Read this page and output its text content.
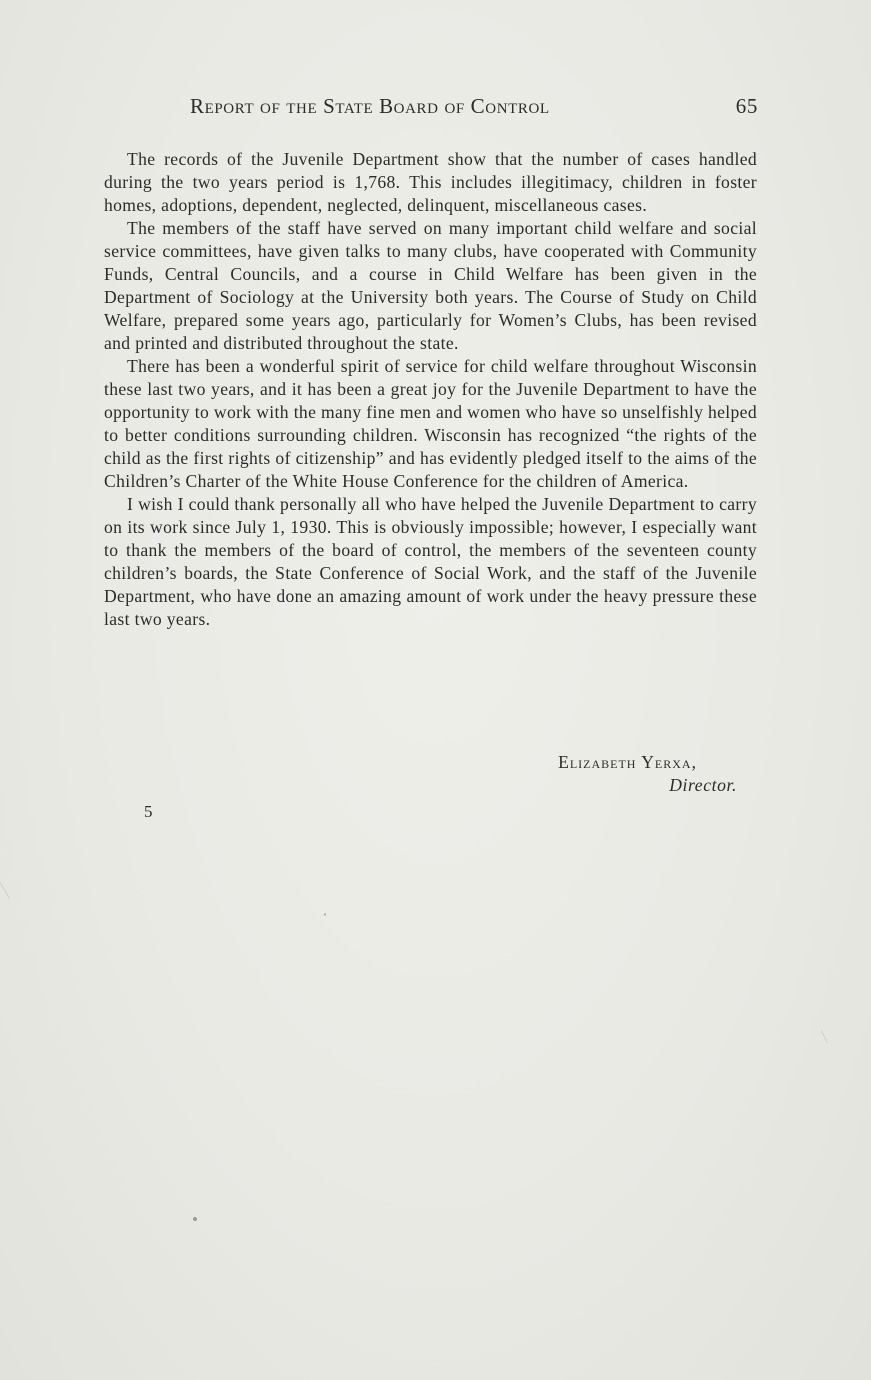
Report of the State Board of Control	65

The records of the Juvenile Department show that the number of cases handled during the two years period is 1,768. This includes illegitimacy, children in foster homes, adoptions, dependent, neglected, delinquent, miscellaneous cases.

The members of the staff have served on many important child welfare and social service committees, have given talks to many clubs, have cooperated with Community Funds, Central Councils, and a course in Child Welfare has been given in the Department of Sociology at the University both years. The Course of Study on Child Welfare, prepared some years ago, particularly for Women’s Clubs, has been revised and printed and distributed throughout the state.

There has been a wonderful spirit of service for child welfare throughout Wisconsin these last two years, and it has been a great joy for the Juvenile Department to have the opportunity to work with the many fine men and women who have so unselfishly helped to better conditions surrounding children. Wisconsin has recognized “the rights of the child as the first rights of citizenship” and has evidently pledged itself to the aims of the Children’s Charter of the White House Conference for the children of America.

I wish I could thank personally all who have helped the Juvenile Department to carry on its work since July 1, 1930. This is obviously impossible; however, I especially want to thank the members of the board of control, the members of the seventeen county children’s boards, the State Conference of Social Work, and the staff of the Juvenile Department, who have done an amazing amount of work under the heavy pressure these last two years.

Elizabeth Yerxa,
Director.
5
